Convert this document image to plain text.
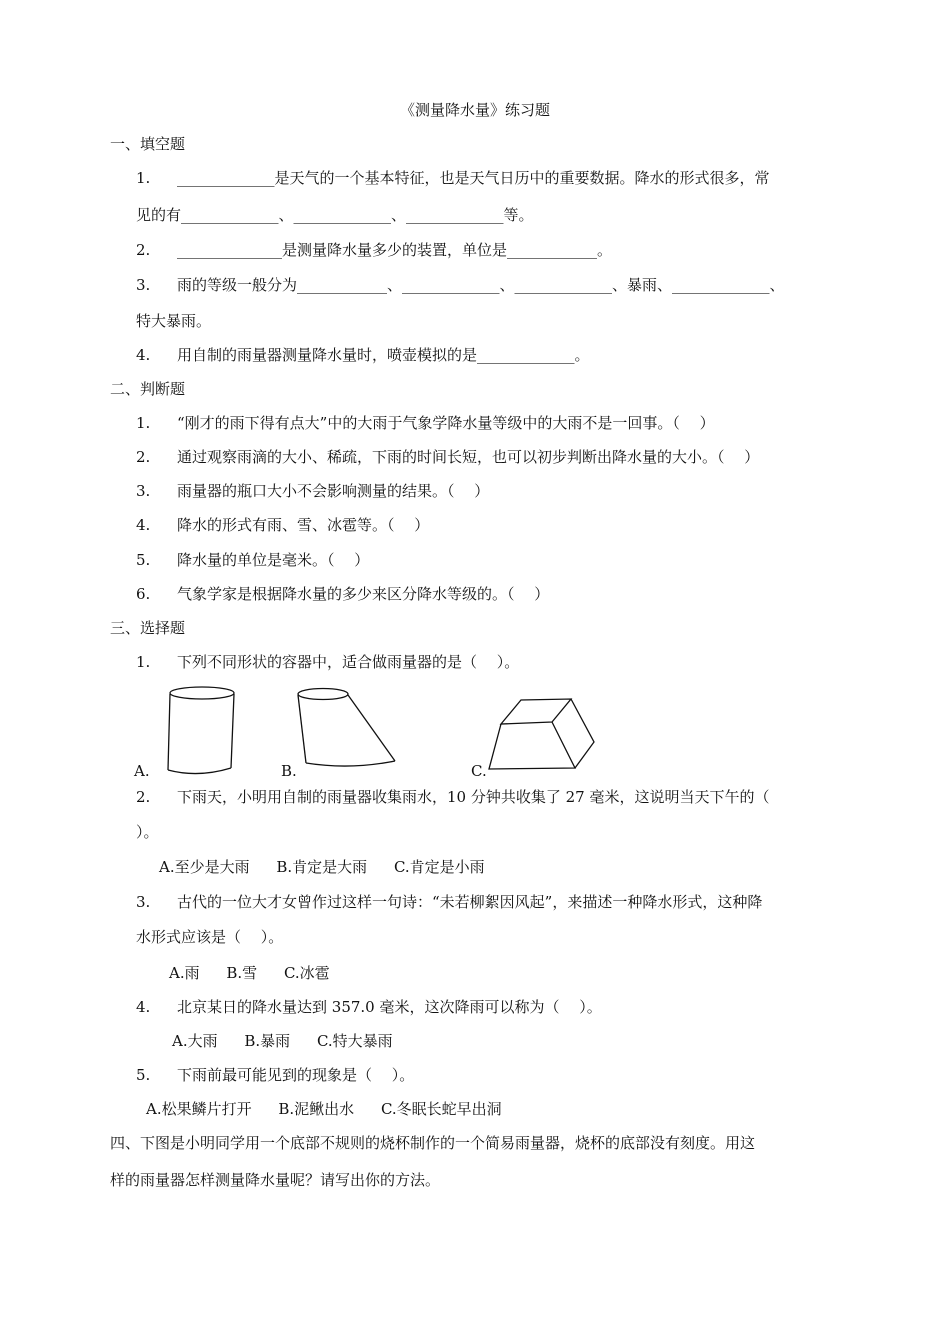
《测量降水量》练习题
一、填空题
1. _____________是天气的一个基本特征，也是天气日历中的重要数据。降水的形式很多，常
见的有_____________、_____________、_____________等。
2. ______________是测量降水量多少的装置，单位是____________。
3. 雨的等级一般分为____________、_____________、_____________、暴雨、_____________、
特大暴雨。
4. 用自制的雨量器测量降水量时，喷壶模拟的是_____________。
二、判断题
1. “刚才的雨下得有点大”中的大雨于气象学降水量等级中的大雨不是一回事。（　 ）
2. 通过观察雨滴的大小、稀疏，下雨的时间长短，也可以初步判断出降水量的大小。（　 ）
3. 雨量器的瓶口大小不会影响测量的结果。（　 ）
4. 降水的形式有雨、雪、冰雹等。（　 ）
5. 降水量的单位是毫米。（　 ）
6. 气象学家是根据降水量的多少来区分降水等级的。（　 ）
三、选择题
1. 下列不同形状的容器中，适合做雨量器的是（　 ）。
A.	B.	C.
2. 下雨天，小明用自制的雨量器收集雨水，10 分钟共收集了 27 毫米，这说明当天下午的（
）。
A.至少是大雨 B.肯定是大雨 C.肯定是小雨
3. 古代的一位大才女曾作过这样一句诗：“未若柳絮因风起”，来描述一种降水形式，这种降
水形式应该是（　 ）。
A.雨 B.雪 C.冰雹
4. 北京某日的降水量达到 357.0 毫米，这次降雨可以称为（　 ）。
A.大雨 B.暴雨 C.特大暴雨
5. 下雨前最可能见到的现象是（　 ）。
A.松果鳞片打开 B.泥鳅出水 C.冬眠长蛇早出洞
四、下图是小明同学用一个底部不规则的烧杯制作的一个简易雨量器，烧杯的底部没有刻度。用这
样的雨量器怎样测量降水量呢？请写出你的方法。
